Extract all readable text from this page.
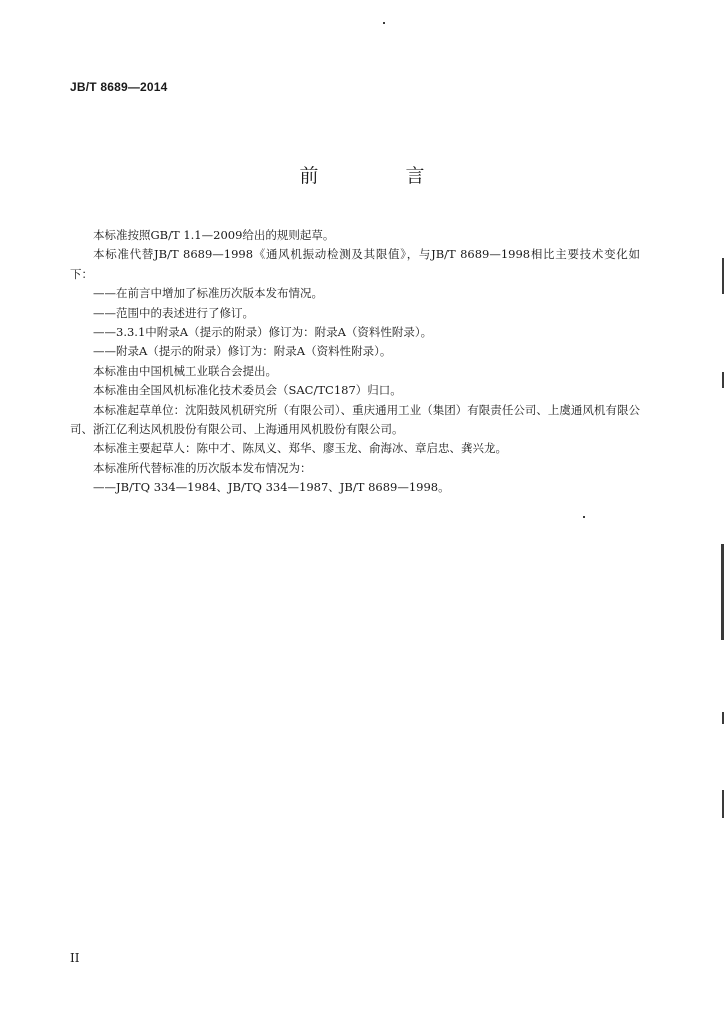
JB/T 8689—2014
前　言

本标准按照GB/T 1.1—2009给出的规则起草。

本标准代替JB/T 8689—1998《通风机振动检测及其限值》，与JB/T 8689—1998相比主要技术变化如下：

——在前言中增加了标准历次版本发布情况。

——范围中的表述进行了修订。

——3.3.1中附录A（提示的附录）修订为：附录A（资料性附录）。

——附录A（提示的附录）修订为：附录A（资料性附录）。

本标准由中国机械工业联合会提出。

本标准由全国风机标准化技术委员会（SAC/TC187）归口。

本标准起草单位：沈阳鼓风机研究所（有限公司）、重庆通用工业（集团）有限责任公司、上虞通风机有限公司、浙江亿利达风机股份有限公司、上海通用风机股份有限公司。

本标准主要起草人：陈中才、陈凤义、郑华、廖玉龙、俞海冰、章启忠、龚兴龙。

本标准所代替标准的历次版本发布情况为：

——JB/TQ 334—1984、JB/TQ 334—1987、JB/T 8689—1998。

II
